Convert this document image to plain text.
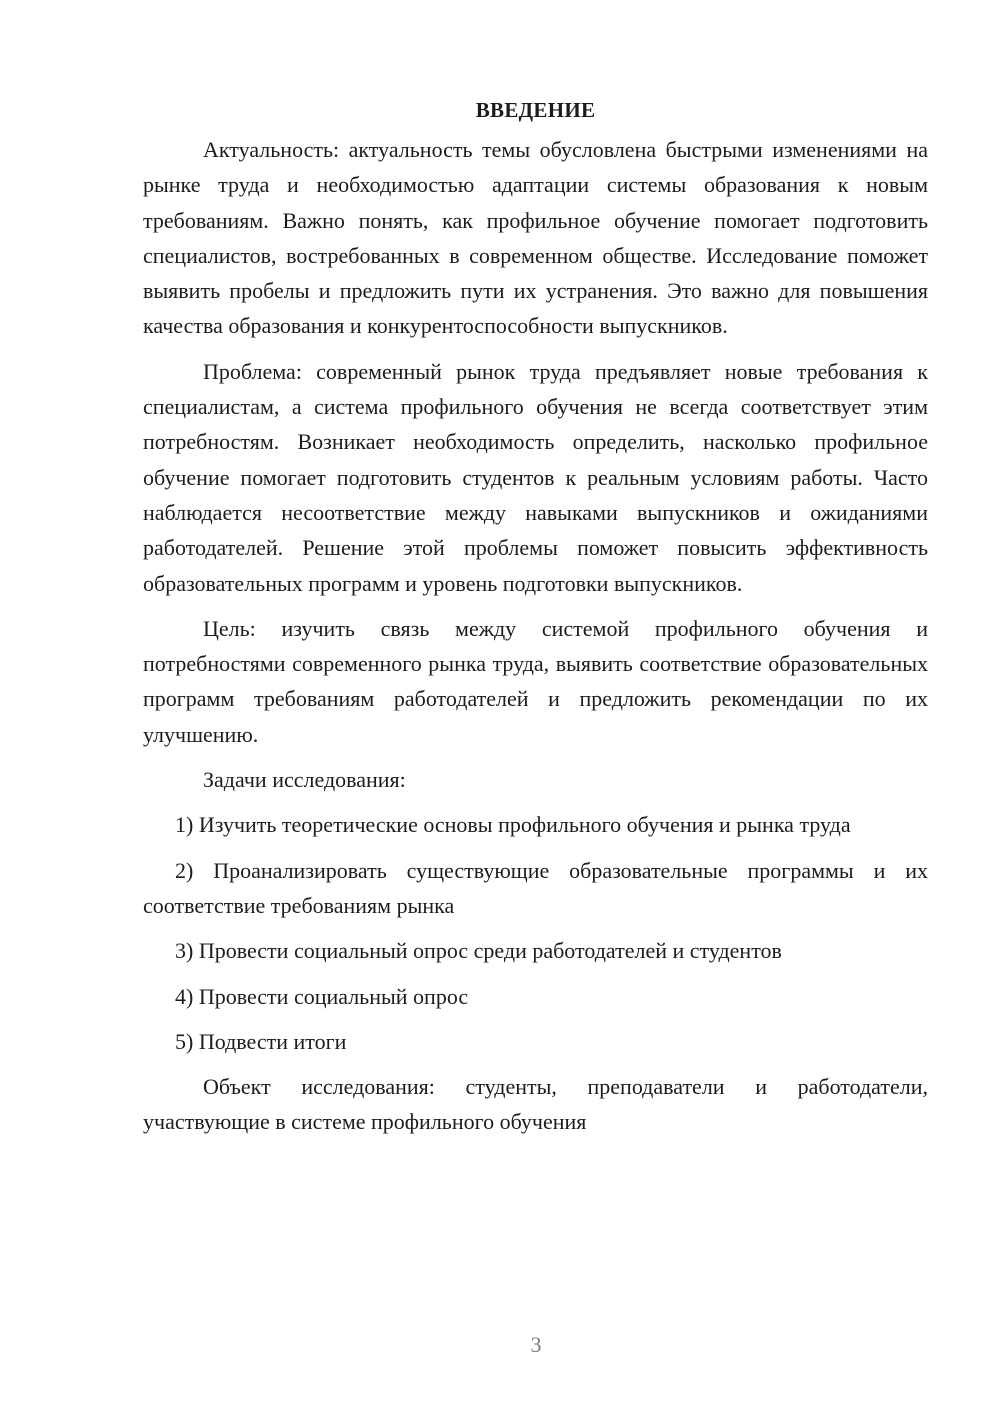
ВВЕДЕНИЕ

Актуальность: актуальность темы обусловлена быстрыми изменениями на рынке труда и необходимостью адаптации системы образования к новым требованиям. Важно понять, как профильное обучение помогает подготовить специалистов, востребованных в современном обществе. Исследование поможет выявить пробелы и предложить пути их устранения. Это важно для повышения качества образования и конкурентоспособности выпускников.

Проблема: современный рынок труда предъявляет новые требования к специалистам, а система профильного обучения не всегда соответствует этим потребностям. Возникает необходимость определить, насколько профильное обучение помогает подготовить студентов к реальным условиям работы. Часто наблюдается несоответствие между навыками выпускников и ожиданиями работодателей. Решение этой проблемы поможет повысить эффективность образовательных программ и уровень подготовки выпускников.

Цель: изучить связь между системой профильного обучения и потребностями современного рынка труда, выявить соответствие образовательных программ требованиям работодателей и предложить рекомендации по их улучшению.

Задачи исследования:

1) Изучить теоретические основы профильного обучения и рынка труда

2) Проанализировать существующие образовательные программы и их соответствие требованиям рынка

3) Провести социальный опрос среди работодателей и студентов

4) Провести социальный опрос

5) Подвести итоги

Объект исследования: студенты, преподаватели и работодатели, участвующие в системе профильного обучения

3
